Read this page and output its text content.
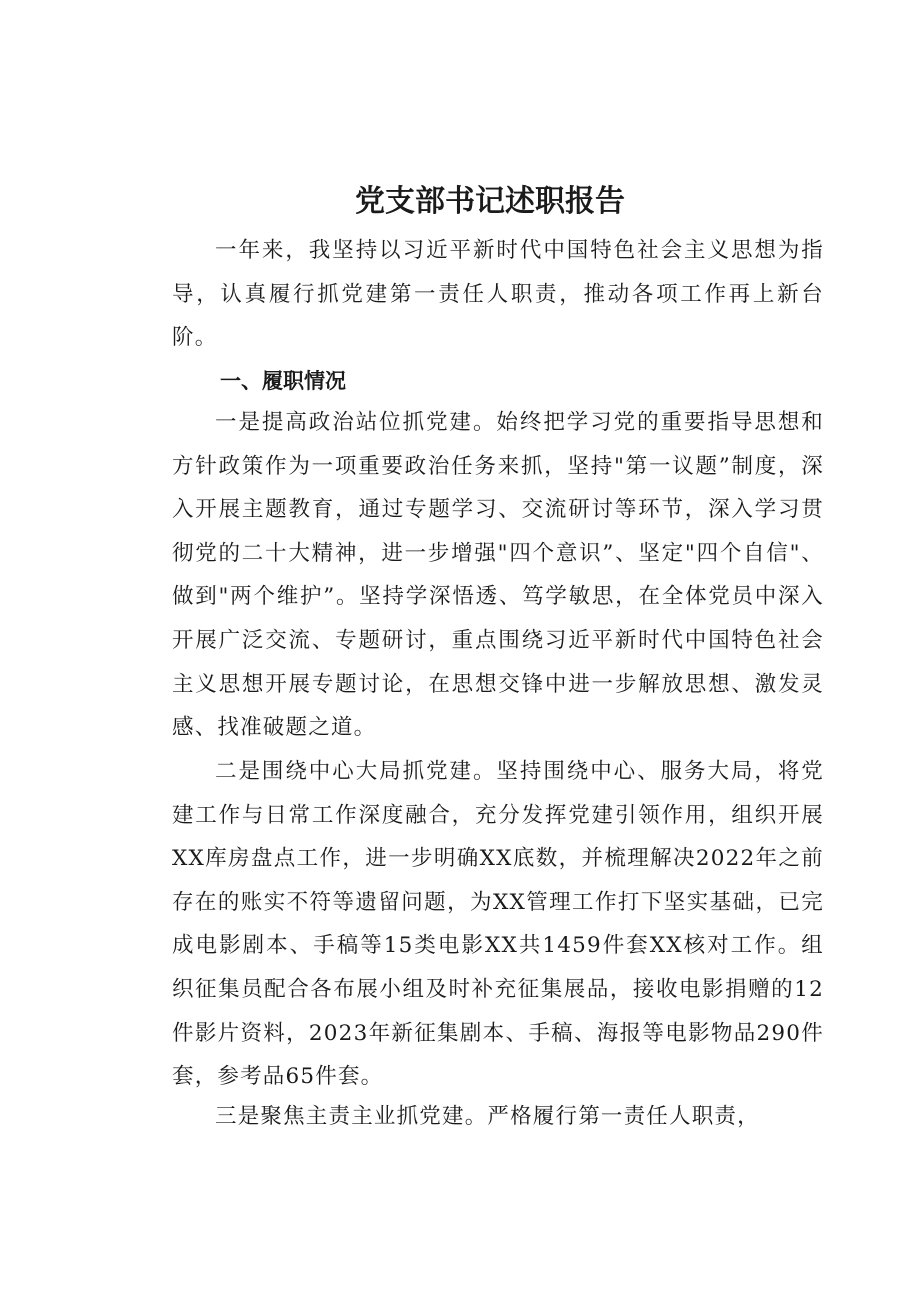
党支部书记述职报告

一年来，我坚持以习近平新时代中国特色社会主义思想为指导，认真履行抓党建第一责任人职责，推动各项工作再上新台阶。

一、履职情况

一是提高政治站位抓党建。始终把学习党的重要指导思想和方针政策作为一项重要政治任务来抓，坚持"第一议题”制度，深入开展主题教育，通过专题学习、交流研讨等环节，深入学习贯彻党的二十大精神，进一步增强"四个意识”、坚定"四个自信"、做到"两个维护”。坚持学深悟透、笃学敏思，在全体党员中深入开展广泛交流、专题研讨，重点围绕习近平新时代中国特色社会主义思想开展专题讨论，在思想交锋中进一步解放思想、激发灵感、找准破题之道。

二是围绕中心大局抓党建。坚持围绕中心、服务大局，将党建工作与日常工作深度融合，充分发挥党建引领作用，组织开展XX库房盘点工作，进一步明确XX底数，并梳理解决2022年之前存在的账实不符等遗留问题，为XX管理工作打下坚实基础，已完成电影剧本、手稿等15类电影XX共1459件套XX核对工作。组织征集员配合各布展小组及时补充征集展品，接收电影捐赠的12件影片资料，2023年新征集剧本、手稿、海报等电影物品290件套，参考品65件套。

三是聚焦主责主业抓党建。严格履行第一责任人职责，
